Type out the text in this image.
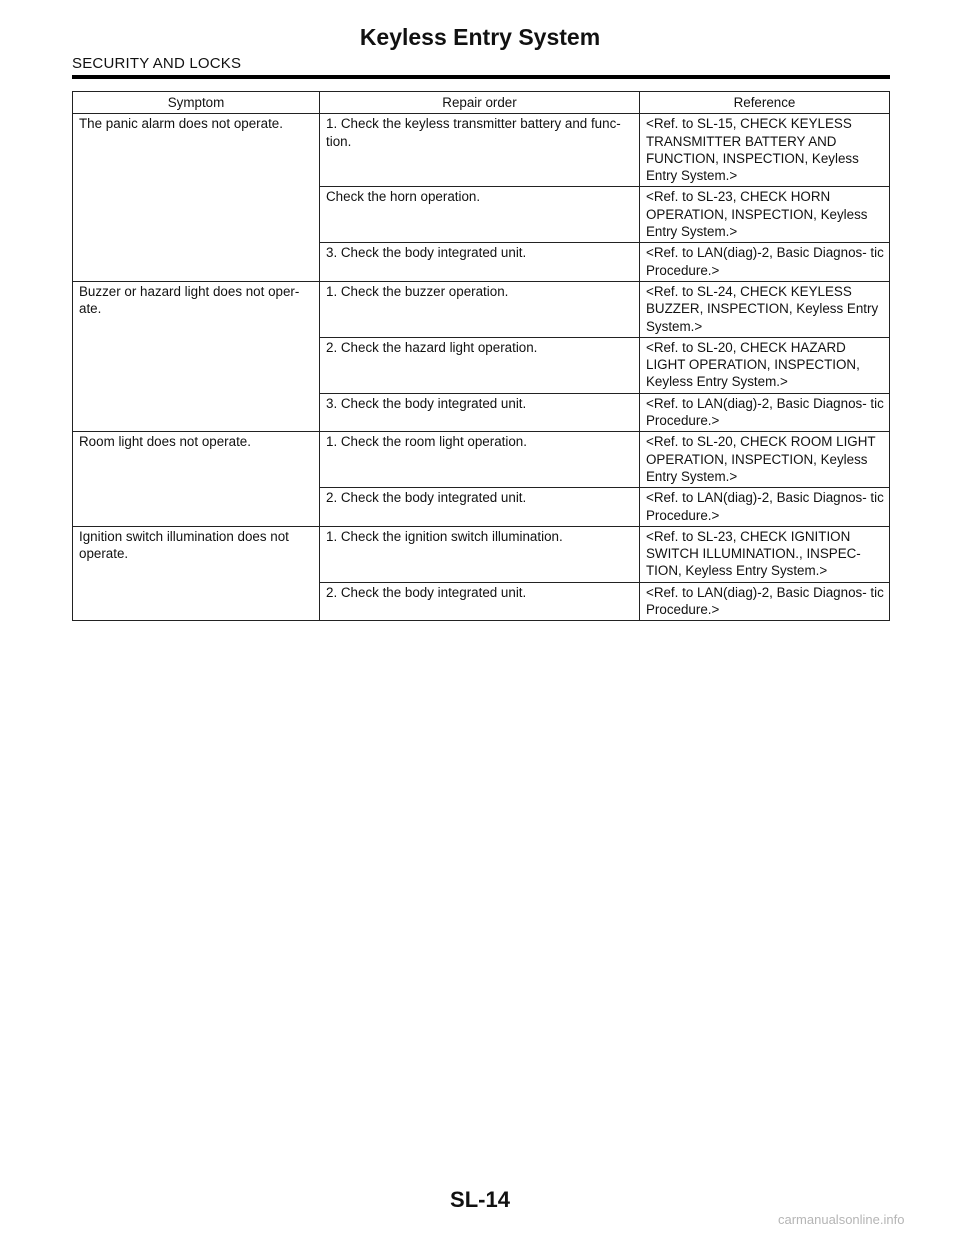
Keyless Entry System
SECURITY AND LOCKS
Symptom	Repair order	Reference
The panic alarm does not operate.	1. Check the keyless transmitter battery and func- tion.	<Ref. to SL-15, CHECK KEYLESS TRANSMITTER BATTERY AND FUNCTION, INSPECTION, Keyless Entry System.>
	Check the horn operation.	<Ref. to SL-23, CHECK HORN OPERATION, INSPECTION, Keyless Entry System.>
	3. Check the body integrated unit.	<Ref. to LAN(diag)-2, Basic Diagnos- tic Procedure.>
Buzzer or hazard light does not oper- ate.	1. Check the buzzer operation.	<Ref. to SL-24, CHECK KEYLESS BUZZER, INSPECTION, Keyless Entry System.>
	2. Check the hazard light operation.	<Ref. to SL-20, CHECK HAZARD LIGHT OPERATION, INSPECTION, Keyless Entry System.>
	3. Check the body integrated unit.	<Ref. to LAN(diag)-2, Basic Diagnos- tic Procedure.>
Room light does not operate.	1. Check the room light operation.	<Ref. to SL-20, CHECK ROOM LIGHT OPERATION, INSPECTION, Keyless Entry System.>
	2. Check the body integrated unit.	<Ref. to LAN(diag)-2, Basic Diagnos- tic Procedure.>
Ignition switch illumination does not operate.	1. Check the ignition switch illumination.	<Ref. to SL-23, CHECK IGNITION SWITCH ILLUMINATION., INSPEC- TION, Keyless Entry System.>
	2. Check the body integrated unit.	<Ref. to LAN(diag)-2, Basic Diagnos- tic Procedure.>
SL-14
carmanualsonline.info
